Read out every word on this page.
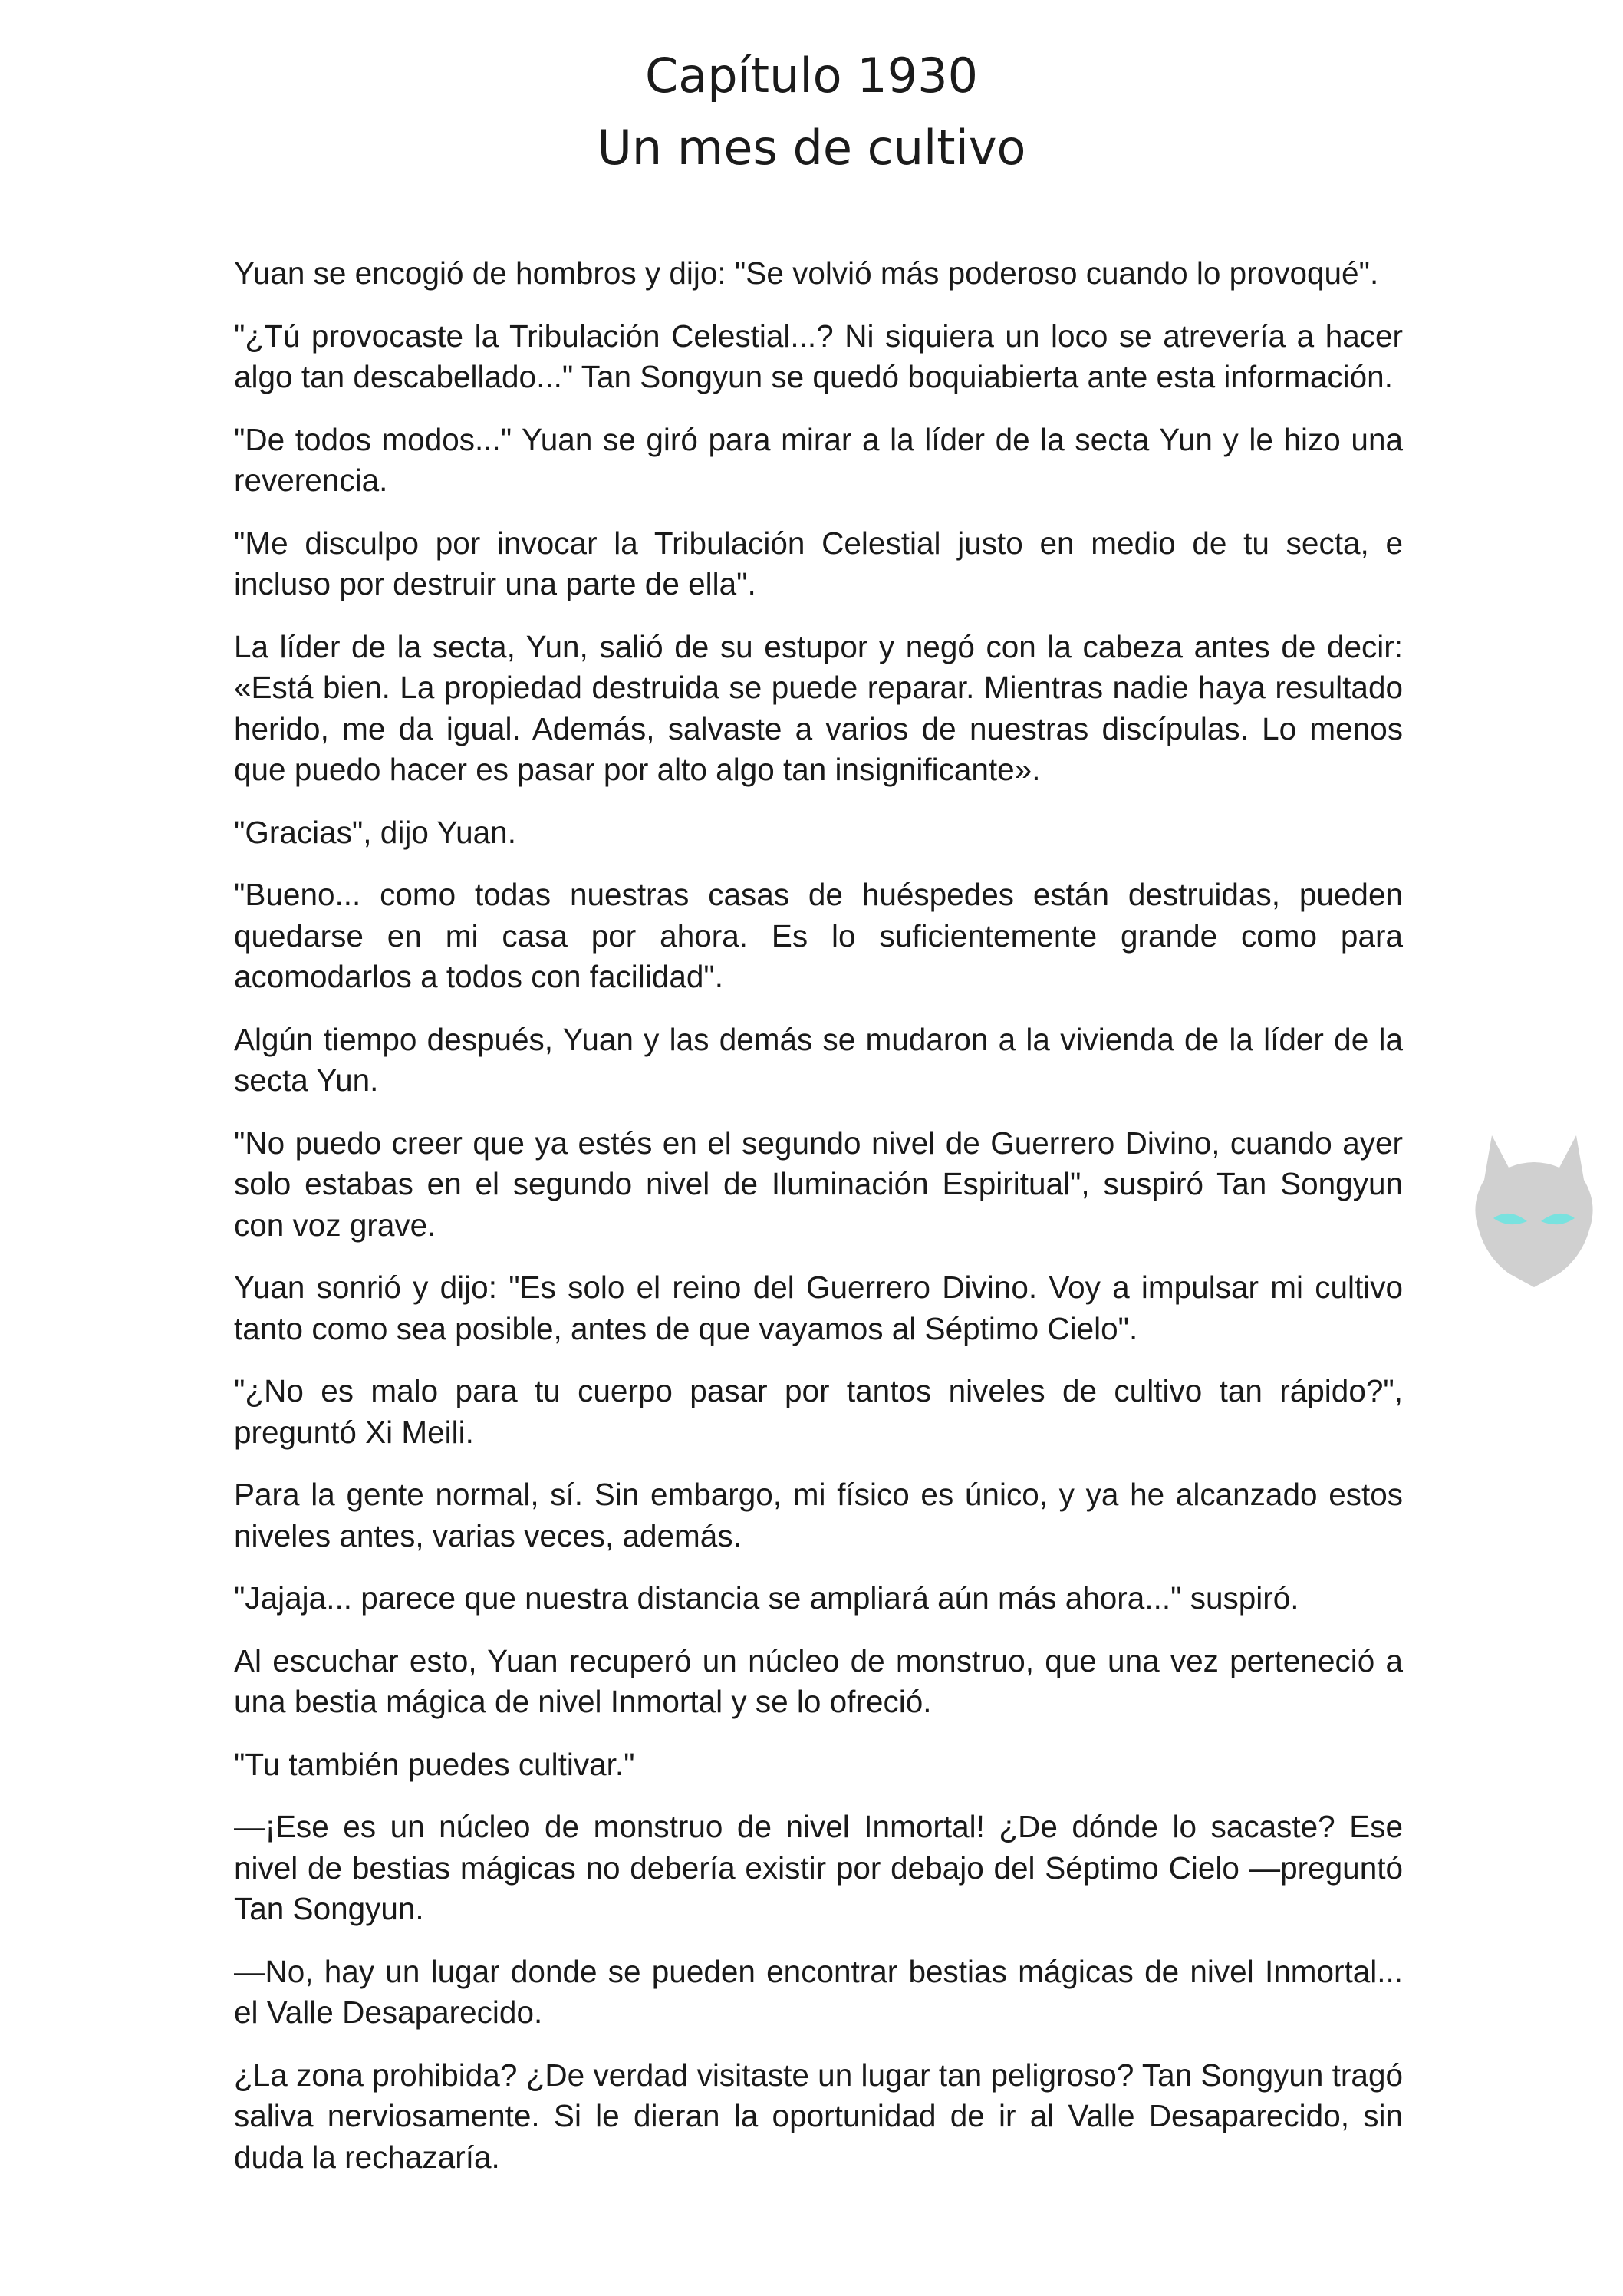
Capítulo 1930
Un mes de cultivo

Yuan se encogió de hombros y dijo: "Se volvió más poderoso cuando lo provoqué".

"¿Tú provocaste la Tribulación Celestial...? Ni siquiera un loco se atrevería a hacer algo tan descabellado..." Tan Songyun se quedó boquiabierta ante esta información.

"De todos modos..." Yuan se giró para mirar a la líder de la secta Yun y le hizo una reverencia.

"Me disculpo por invocar la Tribulación Celestial justo en medio de tu secta, e incluso por destruir una parte de ella".

La líder de la secta, Yun, salió de su estupor y negó con la cabeza antes de decir: «Está bien. La propiedad destruida se puede reparar. Mientras nadie haya resultado herido, me da igual. Además, salvaste a varios de nuestras discípulas. Lo menos que puedo hacer es pasar por alto algo tan insignificante».

"Gracias", dijo Yuan.

"Bueno... como todas nuestras casas de huéspedes están destruidas, pueden quedarse en mi casa por ahora. Es lo suficientemente grande como para acomodarlos a todos con facilidad".

Algún tiempo después, Yuan y las demás se mudaron a la vivienda de la líder de la secta Yun.

"No puedo creer que ya estés en el segundo nivel de Guerrero Divino, cuando ayer solo estabas en el segundo nivel de Iluminación Espiritual", suspiró Tan Songyun con voz grave.

Yuan sonrió y dijo: "Es solo el reino del Guerrero Divino. Voy a impulsar mi cultivo tanto como sea posible, antes de que vayamos al Séptimo Cielo".

"¿No es malo para tu cuerpo pasar por tantos niveles de cultivo tan rápido?", preguntó Xi Meili.

Para la gente normal, sí. Sin embargo, mi físico es único, y ya he alcanzado estos niveles antes, varias veces, además.

"Jajaja... parece que nuestra distancia se ampliará aún más ahora..." suspiró.

Al escuchar esto, Yuan recuperó un núcleo de monstruo, que una vez perteneció a una bestia mágica de nivel Inmortal y se lo ofreció.

"Tu también puedes cultivar."

—¡Ese es un núcleo de monstruo de nivel Inmortal! ¿De dónde lo sacaste? Ese nivel de bestias mágicas no debería existir por debajo del Séptimo Cielo —preguntó Tan Songyun.

—No, hay un lugar donde se pueden encontrar bestias mágicas de nivel Inmortal... el Valle Desaparecido.

¿La zona prohibida? ¿De verdad visitaste un lugar tan peligroso? Tan Songyun tragó saliva nerviosamente. Si le dieran la oportunidad de ir al Valle Desaparecido, sin duda la rechazaría.
